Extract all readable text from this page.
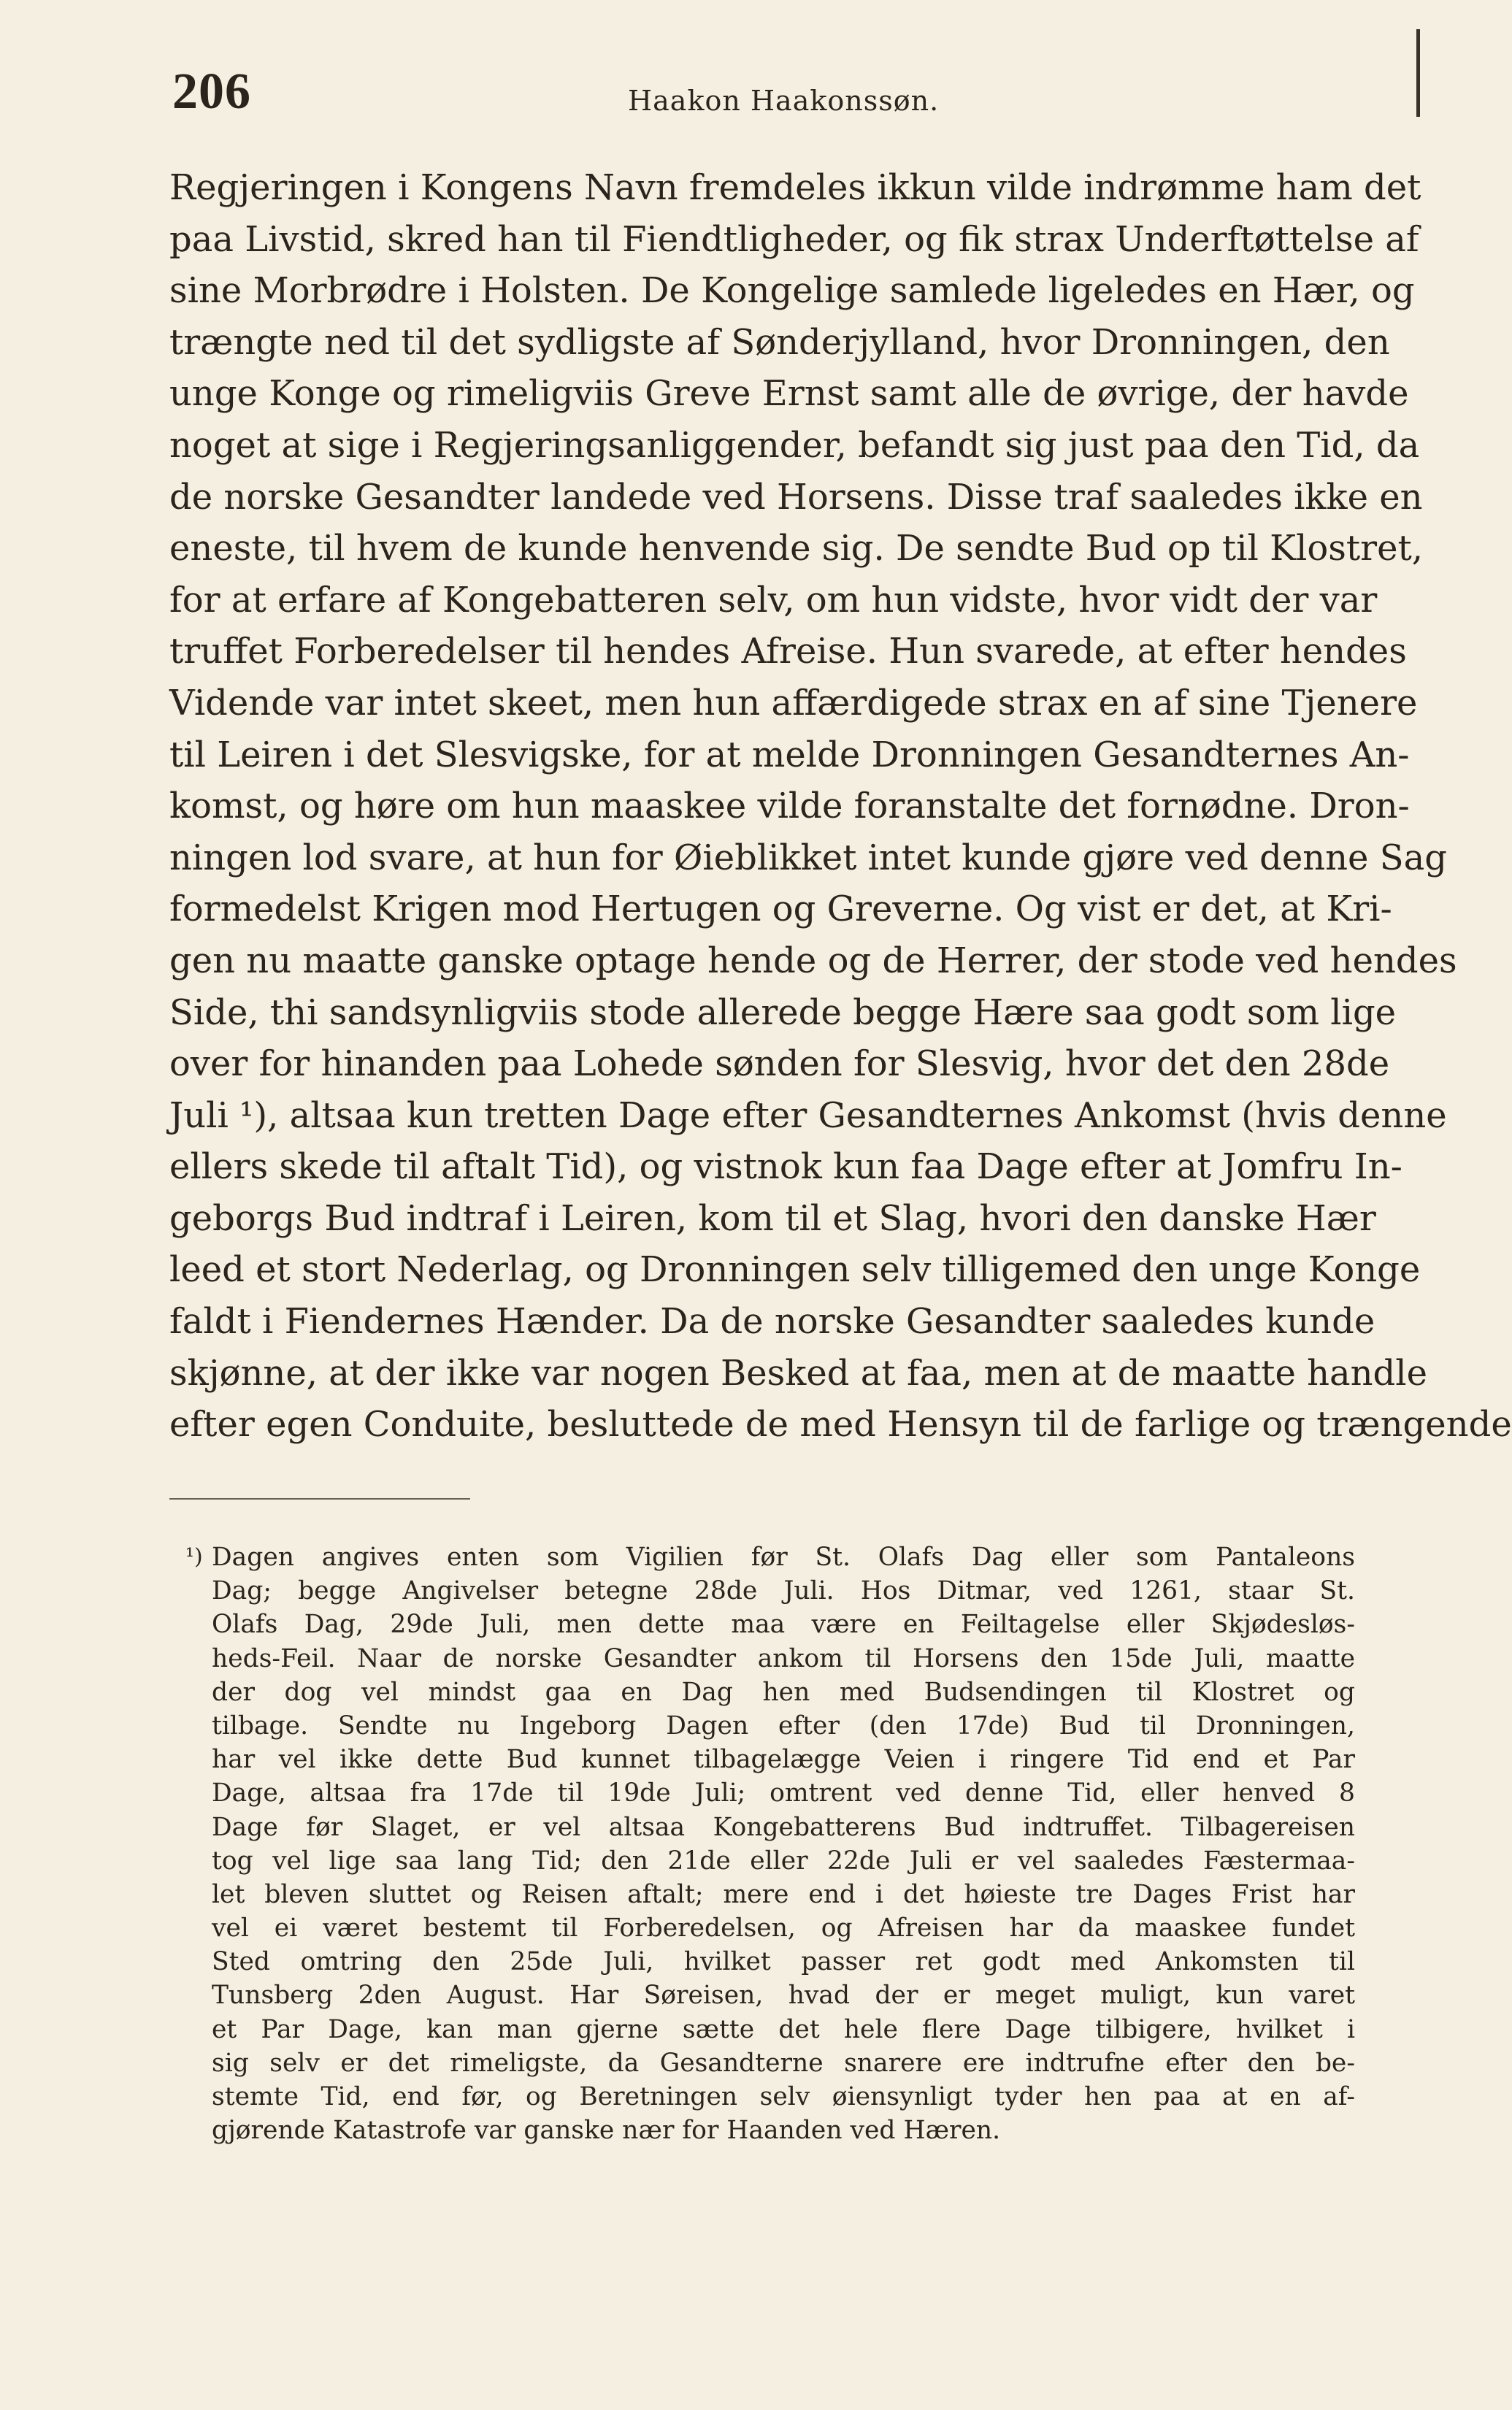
206	Haakon Haakonssøn.
Regjeringen i Kongens Navn fremdeles ikkun vilde indrømme ham det
paa Livstid, skred han til Fiendtligheder, og fik strax Underftøttelse af
sine Morbrødre i Holsten. De Kongelige samlede ligeledes en Hær, og
trængte ned til det sydligste af Sønderjylland, hvor Dronningen, den
unge Konge og rimeligviis Greve Ernst samt alle de øvrige, der havde
noget at sige i Regjeringsanliggender, befandt sig just paa den Tid, da
de norske Gesandter landede ved Horsens. Disse traf saaledes ikke en
eneste, til hvem de kunde henvende sig. De sendte Bud op til Klostret,
for at erfare af Kongebatteren selv, om hun vidste, hvor vidt der var
truffet Forberedelser til hendes Afreise. Hun svarede, at efter hendes
Vidende var intet skeet, men hun affærdigede strax en af sine Tjenere
til Leiren i det Slesvigske, for at melde Dronningen Gesandternes An-
komst, og høre om hun maaskee vilde foranstalte det fornødne. Dron-
ningen lod svare, at hun for Øieblikket intet kunde gjøre ved denne Sag
formedelst Krigen mod Hertugen og Greverne. Og vist er det, at Kri-
gen nu maatte ganske optage hende og de Herrer, der stode ved hendes
Side, thi sandsynligviis stode allerede begge Hære saa godt som lige
over for hinanden paa Lohede sønden for Slesvig, hvor det den 28de
Juli ¹), altsaa kun tretten Dage efter Gesandternes Ankomst (hvis denne
ellers skede til aftalt Tid), og vistnok kun faa Dage efter at Jomfru In-
geborgs Bud indtraf i Leiren, kom til et Slag, hvori den danske Hær
leed et stort Nederlag, og Dronningen selv tilligemed den unge Konge
faldt i Fiendernes Hænder. Da de norske Gesandter saaledes kunde
skjønne, at der ikke var nogen Besked at faa, men at de maatte handle
efter egen Conduite, besluttede de med Hensyn til de farlige og trængende
¹) Dagen angives enten som Vigilien før St. Olafs Dag eller som Pantaleons
Dag; begge Angivelser betegne 28de Juli. Hos Ditmar, ved 1261, staar St.
Olafs Dag, 29de Juli, men dette maa være en Feiltagelse eller Skjødesløs-
heds-Feil. Naar de norske Gesandter ankom til Horsens den 15de Juli, maatte
der dog vel mindst gaa en Dag hen med Budsendingen til Klostret og
tilbage. Sendte nu Ingeborg Dagen efter (den 17de) Bud til Dronningen,
har vel ikke dette Bud kunnet tilbagelægge Veien i ringere Tid end et Par
Dage, altsaa fra 17de til 19de Juli; omtrent ved denne Tid, eller henved 8
Dage før Slaget, er vel altsaa Kongebatterens Bud indtruffet. Tilbagereisen
tog vel lige saa lang Tid; den 21de eller 22de Juli er vel saaledes Fæstermaa-
let bleven sluttet og Reisen aftalt; mere end i det høieste tre Dages Frist har
vel ei været bestemt til Forberedelsen, og Afreisen har da maaskee fundet
Sted omtring den 25de Juli, hvilket passer ret godt med Ankomsten til
Tunsberg 2den August. Har Søreisen, hvad der er meget muligt, kun varet
et Par Dage, kan man gjerne sætte det hele flere Dage tilbigere, hvilket i
sig selv er det rimeligste, da Gesandterne snarere ere indtrufne efter den be-
stemte Tid, end før, og Beretningen selv øiensynligt tyder hen paa at en af-
gjørende Katastrofe var ganske nær for Haanden ved Hæren.
